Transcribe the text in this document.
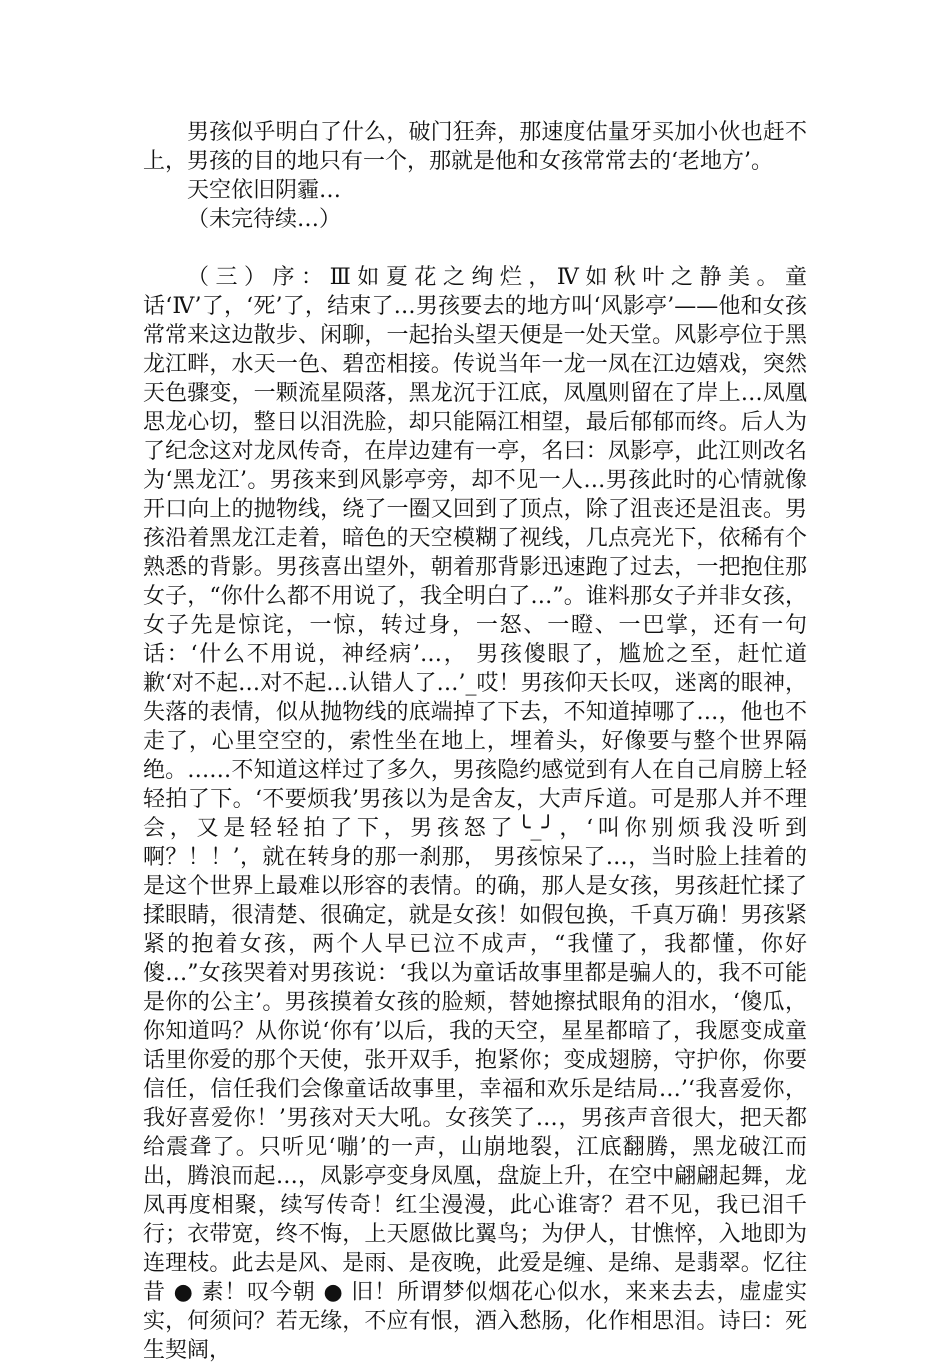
男孩似乎明白了什么，破门狂奔，那速度估量牙买加小伙也赶不上，男孩的目的地只有一个，那就是他和女孩常常去的‘老地方’。

天空依旧阴霾…

（未完待续…）

（三）序：Ⅲ如夏花之绚烂，Ⅳ如秋叶之静美。童话‘Ⅳ’了，‘死’了，结束了…男孩要去的地方叫‘风影亭’——他和女孩常常来这边散步、闲聊，一起抬头望天便是一处天堂。风影亭位于黑龙江畔，水天一色、碧峦相接。传说当年一龙一凤在江边嬉戏，突然天色骤变，一颗流星陨落，黑龙沉于江底，凤凰则留在了岸上…凤凰思龙心切，整日以泪洗脸，却只能隔江相望，最后郁郁而终。后人为了纪念这对龙凤传奇，在岸边建有一亭，名曰：凤影亭，此江则改名为‘黑龙江’。男孩来到风影亭旁，却不见一人…男孩此时的心情就像开口向上的抛物线，绕了一圈又回到了顶点，除了沮丧还是沮丧。男孩沿着黑龙江走着，暗色的天空模糊了视线，几点亮光下，依稀有个熟悉的背影。男孩喜出望外，朝着那背影迅速跑了过去，一把抱住那女子，“你什么都不用说了，我全明白了…”。谁料那女子并非女孩，女子先是惊诧，一惊，转过身，一怒、一瞪、一巴掌，还有一句话：‘什么不用说，神经病’…， 男孩傻眼了，尴尬之至，赶忙道歉‘对不起…对不起…认错人了…’_哎！男孩仰天长叹，迷离的眼神，失落的表情，似从抛物线的底端掉了下去，不知道掉哪了…，他也不走了，心里空空的，索性坐在地上，埋着头，好像要与整个世界隔绝。……不知道这样过了多久，男孩隐约感觉到有人在自己肩膀上轻轻拍了下。‘不要烦我’男孩以为是舍友，大声斥道。可是那人并不理会，又是轻轻拍了下，男孩怒了╰_╯，‘叫你别烦我没听到啊？！！’，就在转身的那一刹那， 男孩惊呆了…，当时脸上挂着的是这个世界上最难以形容的表情。的确，那人是女孩，男孩赶忙揉了揉眼睛，很清楚、很确定，就是女孩！如假包换，千真万确！男孩紧紧的抱着女孩，两个人早已泣不成声，“我懂了，我都懂，你好傻…”女孩哭着对男孩说：‘我以为童话故事里都是骗人的，我不可能是你的公主’。男孩摸着女孩的脸颊，替她擦拭眼角的泪水，‘傻瓜，你知道吗？从你说‘你有’以后，我的天空，星星都暗了，我愿变成童话里你爱的那个天使，张开双手，抱紧你；变成翅膀，守护你，你要信任，信任我们会像童话故事里，幸福和欢乐是结局…’‘我喜爱你，我好喜爱你！’男孩对天大吼。女孩笑了…，男孩声音很大，把天都给震聋了。只听见‘嘣’的一声，山崩地裂，江底翻腾，黑龙破江而出，腾浪而起…，凤影亭变身凤凰，盘旋上升，在空中翩翩起舞，龙凤再度相聚，续写传奇！红尘漫漫，此心谁寄？君不见，我已泪千行；衣带宽，终不悔，上天愿做比翼鸟；为伊人，甘憔悴，入地即为连理枝。此去是风、是雨、是夜晚，此爱是缠、是绵、是翡翠。忆往昔 ● 素！叹今朝 ● 旧！所谓梦似烟花心似水，来来去去，虚虚实实，何须问？若无缘，不应有恨，酒入愁肠，化作相思泪。诗曰：死生契阔，
